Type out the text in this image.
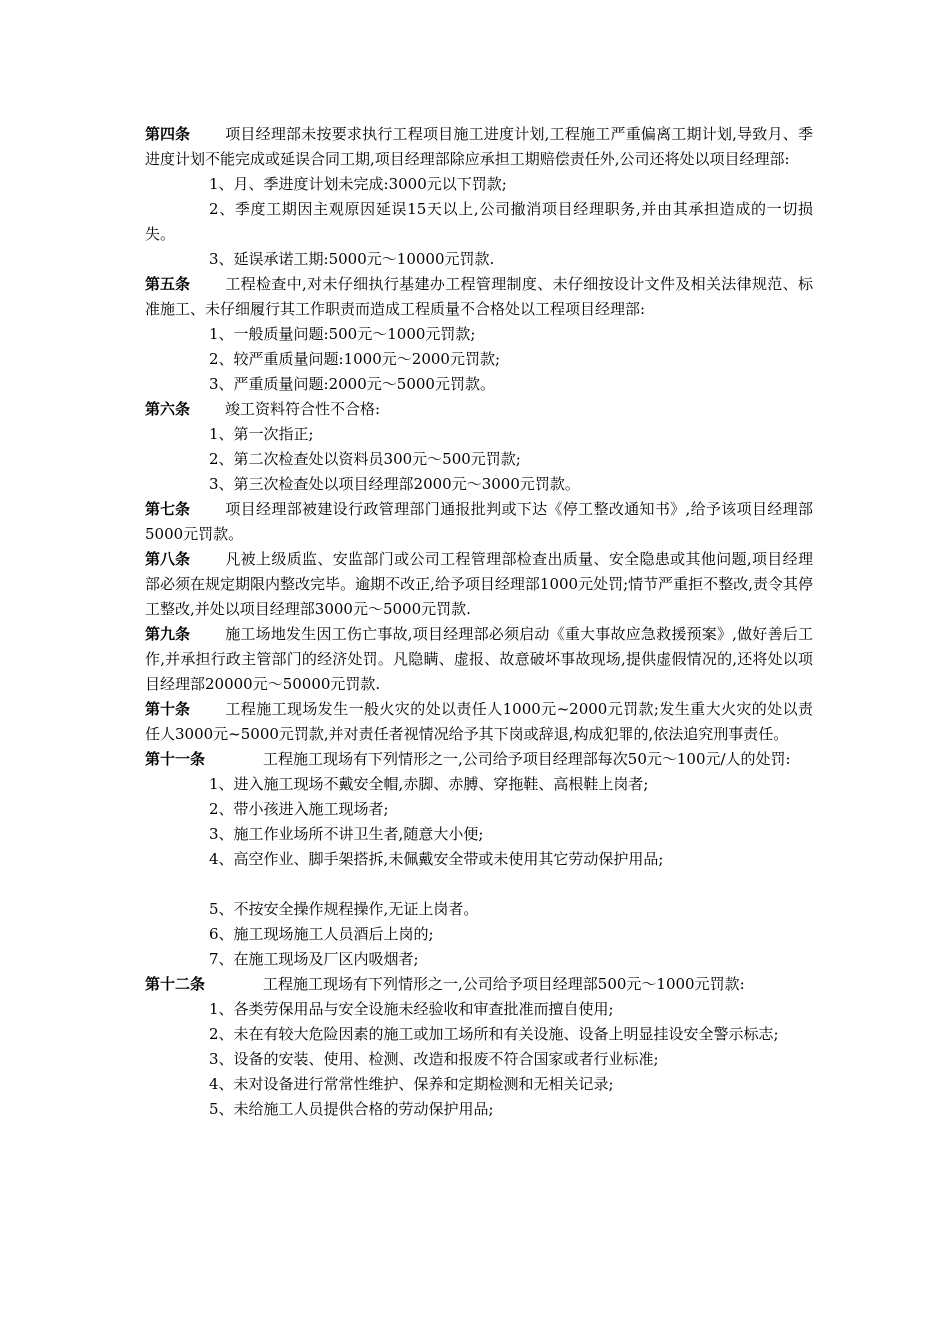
第四条 项目经理部未按要求执行工程项目施工进度计划,工程施工严重偏离工期计划,导致月、季进度计划不能完成或延误合同工期,项目经理部除应承担工期赔偿责任外,公司还将处以项目经理部:

1、月、季进度计划未完成:3000元以下罚款;

2、季度工期因主观原因延误15天以上,公司撤消项目经理职务,并由其承担造成的一切损失。

3、延误承诺工期:5000元～10000元罚款.

第五条 工程检查中,对未仔细执行基建办工程管理制度、未仔细按设计文件及相关法律规范、标准施工、未仔细履行其工作职责而造成工程质量不合格处以工程项目经理部:

1、一般质量问题:500元～1000元罚款;

2、较严重质量问题:1000元～2000元罚款;

3、严重质量问题:2000元～5000元罚款。

第六条 竣工资料符合性不合格:

1、第一次指正;

2、第二次检查处以资料员300元～500元罚款;

3、第三次检查处以项目经理部2000元～3000元罚款。

第七条 项目经理部被建设行政管理部门通报批判或下达《停工整改通知书》,给予该项目经理部5000元罚款。

第八条 凡被上级质监、安监部门或公司工程管理部检查出质量、安全隐患或其他问题,项目经理部必须在规定期限内整改完毕。逾期不改正,给予项目经理部1000元处罚;情节严重拒不整改,责令其停工整改,并处以项目经理部3000元～5000元罚款.

第九条 施工场地发生因工伤亡事故,项目经理部必须启动《重大事故应急救援预案》,做好善后工作,并承担行政主管部门的经济处罚。凡隐瞒、虚报、故意破坏事故现场,提供虚假情况的,还将处以项目经理部20000元～50000元罚款.

第十条 工程施工现场发生一般火灾的处以责任人1000元~2000元罚款;发生重大火灾的处以责任人3000元~5000元罚款,并对责任者视情况给予其下岗或辞退,构成犯罪的,依法追究刑事责任。

第十一条	工程施工现场有下列情形之一,公司给予项目经理部每次50元～100元/人的处罚:

1、进入施工现场不戴安全帽,赤脚、赤膊、穿拖鞋、高根鞋上岗者;

2、带小孩进入施工现场者;

3、施工作业场所不讲卫生者,随意大小便;

4、高空作业、脚手架搭拆,未佩戴安全带或未使用其它劳动保护用品;

5、不按安全操作规程操作,无证上岗者。

6、施工现场施工人员酒后上岗的;

7、在施工现场及厂区内吸烟者;

第十二条	工程施工现场有下列情形之一,公司给予项目经理部500元～1000元罚款:

1、各类劳保用品与安全设施未经验收和审查批准而擅自使用;

2、未在有较大危险因素的施工或加工场所和有关设施、设备上明显挂设安全警示标志;

3、设备的安装、使用、检测、改造和报废不符合国家或者行业标准;

4、未对设备进行常常性维护、保养和定期检测和无相关记录;

5、未给施工人员提供合格的劳动保护用品;
